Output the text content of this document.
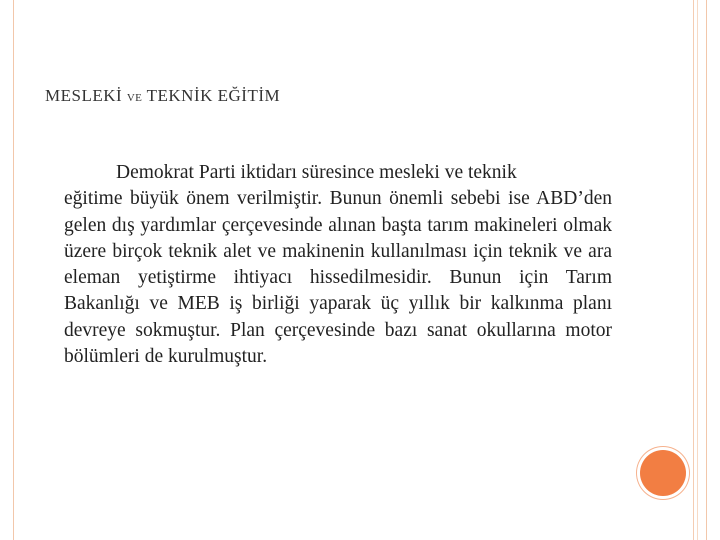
MESLEKİ VE TEKNİK EĞİTİM
Demokrat Parti iktidarı süresince mesleki ve teknik
eğitime büyük önem verilmiştir. Bunun önemli sebebi ise ABD’den gelen dış yardımlar çerçevesinde alınan başta tarım makineleri olmak üzere birçok teknik alet ve makinenin kullanılması için teknik ve ara eleman yetiştirme ihtiyacı hissedilmesidir. Bunun için Tarım Bakanlığı ve MEB iş birliği yaparak üç yıllık bir kalkınma planı devreye sokmuştur. Plan çerçevesinde bazı sanat okullarına motor bölümleri de kurulmuştur.
